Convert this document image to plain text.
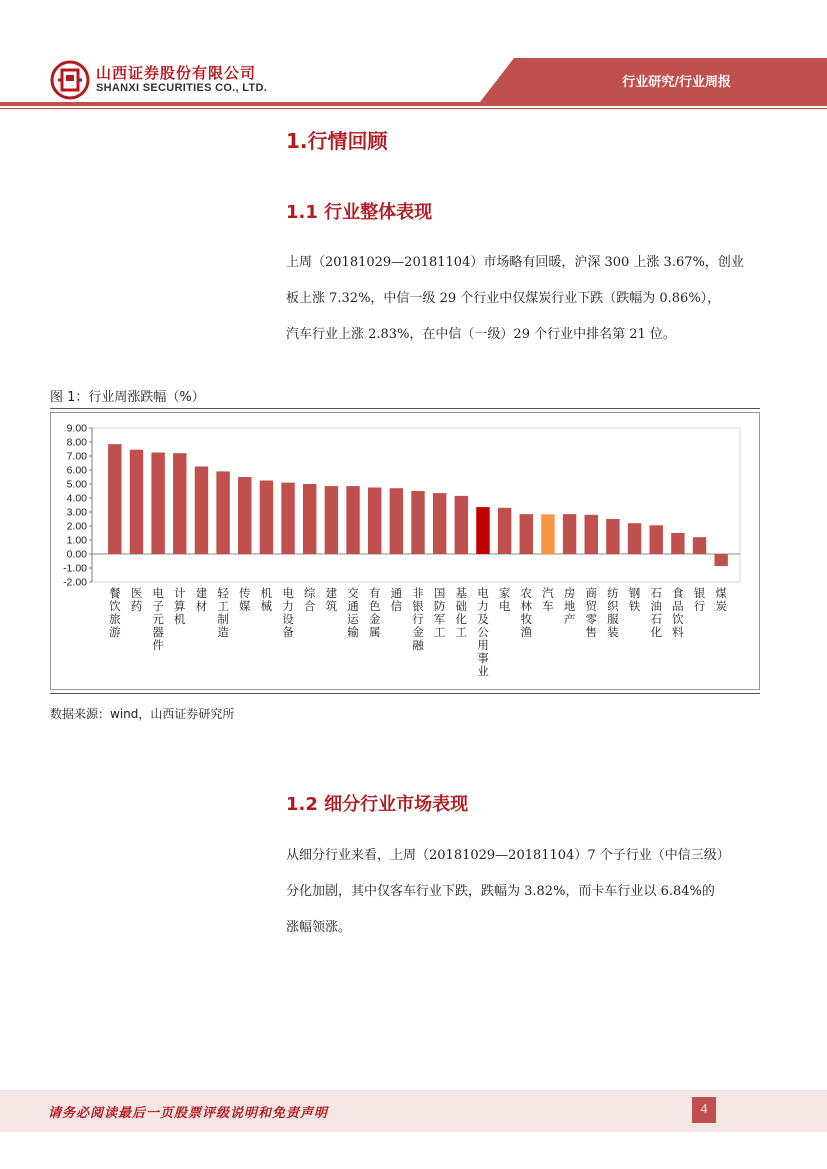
山西证券股份有限公司
SHANXI SECURITIES CO., LTD.	行业研究/行业周报
1.行情回顾
1.1 行业整体表现
上周（20181029—20181104）市场略有回暖，沪深 300 上涨 3.67%，创业
板上涨 7.32%，中信一级 29 个行业中仅煤炭行业下跌（跌幅为 0.86%），
汽车行业上涨 2.83%，在中信（一级）29 个行业中排名第 21 位。
图 1：行业周涨跌幅（%）
9.00
8.00
7.00
6.00
5.00
4.00
3.00
2.00
1.00
0.00
-1.00
-2.00
餐
饮
旅
游
医
药
电
子
元
器
件
计
算
机
建
材
轻
工
制
造
传
媒
机
械
电
力
设
备
综
合
建
筑
交
通
运
输
有
色
金
属
通
信
非
银
行
金
融
国
防
军
工
基
础
化
工
电
力
及
公
用
事
业
家
电
农
林
牧
渔
汽
车
房
地
产
商
贸
零
售
纺
织
服
装
钢
铁
石
油
石
化
食
品
饮
料
银
行
煤
炭
数据来源：wind，山西证券研究所
1.2 细分行业市场表现
从细分行业来看，上周（20181029—20181104）7 个子行业（中信三级）
分化加剧，其中仅客车行业下跌，跌幅为 3.82%，而卡车行业以 6.84%的
涨幅领涨。
请务必阅读最后一页股票评级说明和免责声明	4
